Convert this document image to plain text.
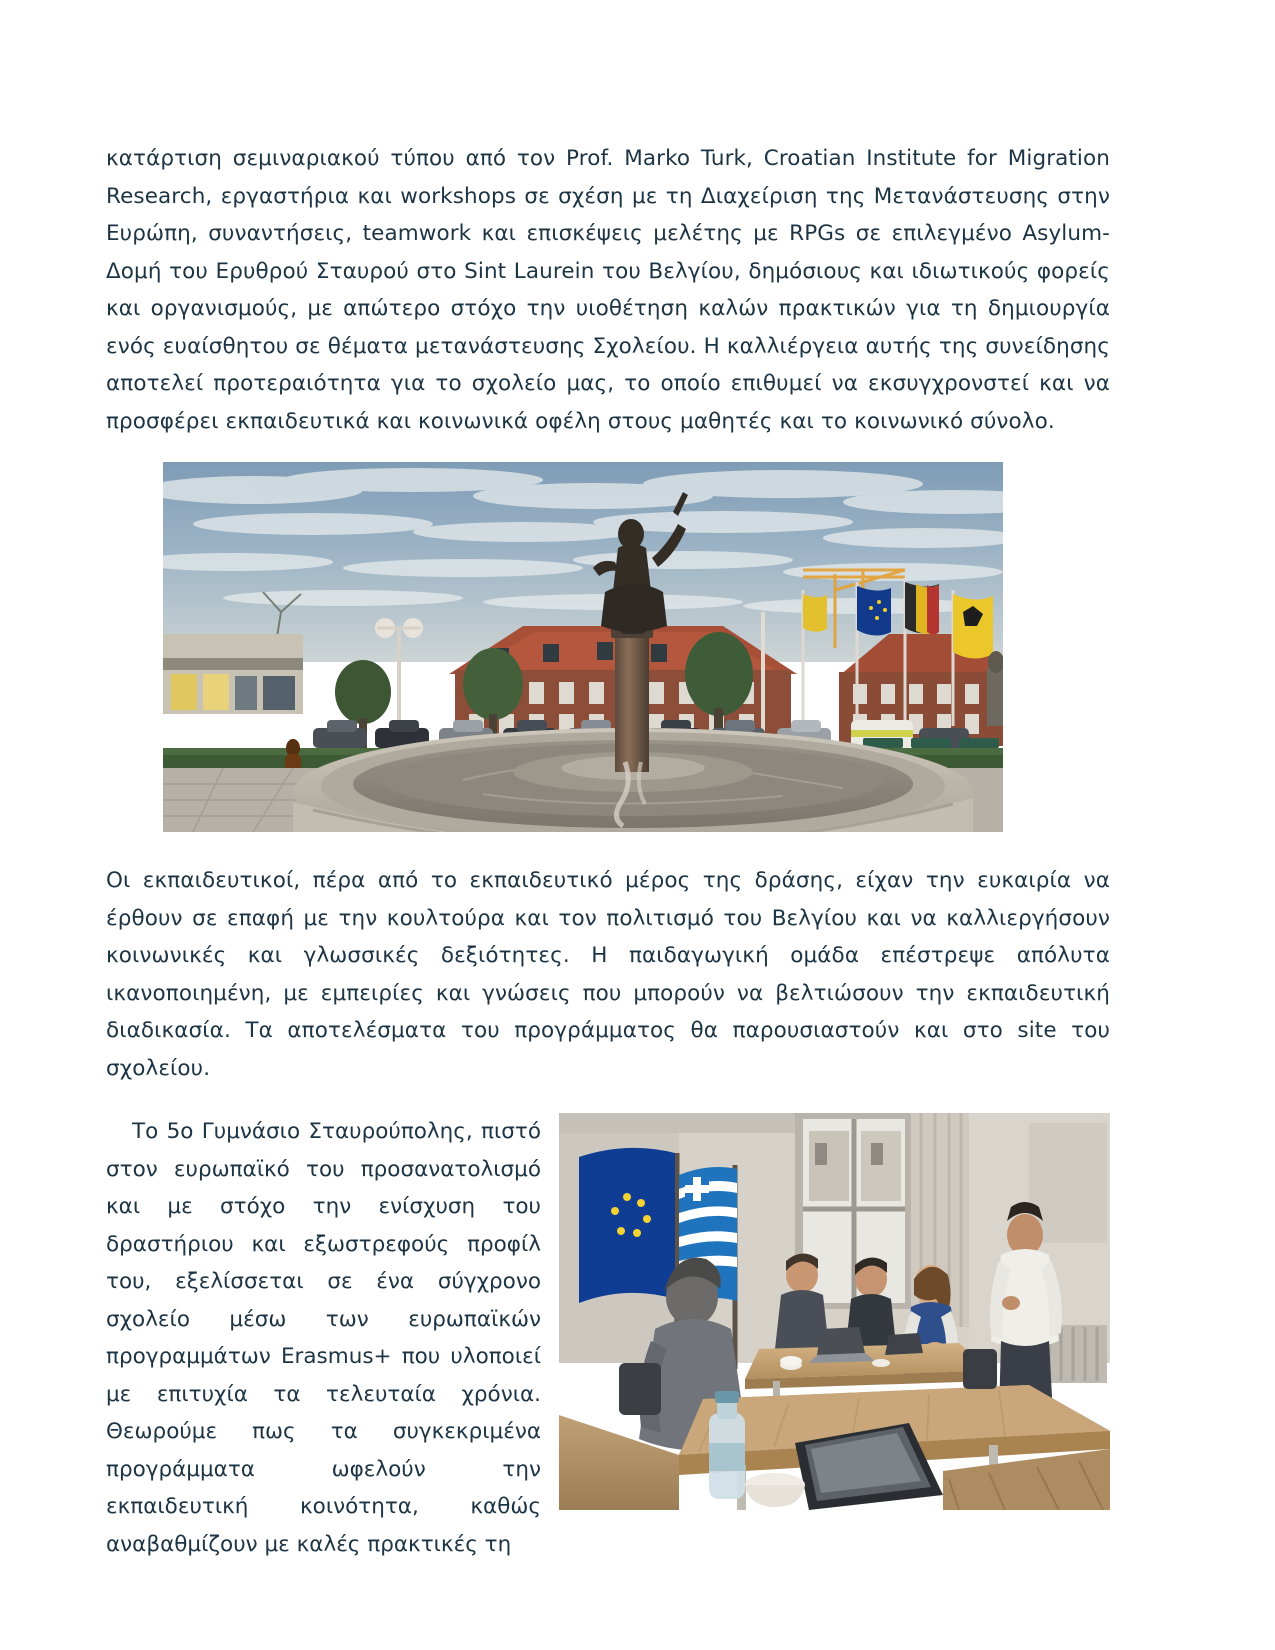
κατάρτιση σεμιναριακού τύπου από τον Prof. Marko Turk, Croatian Institute for Migration Research, εργαστήρια και workshops σε σχέση με τη Διαχείριση της Μετανάστευσης στην Ευρώπη, συναντήσεις, teamwork και επισκέψεις μελέτης με RPGs σε επιλεγμένο Asylum-Δομή του Ερυθρού Σταυρού στο Sint Laurein του Βελγίου, δημόσιους και ιδιωτικούς φορείς και οργανισμούς, με απώτερο στόχο την υιοθέτηση καλών πρακτικών για τη δημιουργία ενός ευαίσθητου σε θέματα μετανάστευσης Σχολείου. Η καλλιέργεια αυτής της συνείδησης αποτελεί προτεραιότητα για το σχολείο μας, το οποίο επιθυμεί να εκσυγχρονστεί και να προσφέρει εκπαιδευτικά και κοινωνικά οφέλη στους μαθητές και το κοινωνικό σύνολο.

Οι εκπαιδευτικοί, πέρα από το εκπαιδευτικό μέρος της δράσης, είχαν την ευκαιρία να έρθουν σε επαφή με την κουλτούρα και τον πολιτισμό του Βελγίου και να καλλιεργήσουν κοινωνικές και γλωσσικές δεξιότητες. Η παιδαγωγική ομάδα επέστρεψε απόλυτα ικανοποιημένη, με εμπειρίες και γνώσεις που μπορούν να βελτιώσουν την εκπαιδευτική διαδικασία. Τα αποτελέσματα του προγράμματος θα παρουσιαστούν και στο site του σχολείου.

Το 5ο Γυμνάσιο Σταυρούπολης, πιστό στον ευρωπαϊκό του προσανατολισμό και με στόχο την ενίσχυση του δραστήριου και εξωστρεφούς προφίλ του, εξελίσσεται σε ένα σύγχρονο σχολείο μέσω των ευρωπαϊκών προγραμμάτων Erasmus+ που υλοποιεί με επιτυχία τα τελευταία χρόνια. Θεωρούμε πως τα συγκεκριμένα προγράμματα ωφελούν την εκπαιδευτική κοινότητα, καθώς αναβαθμίζουν με καλές πρακτικές τη
